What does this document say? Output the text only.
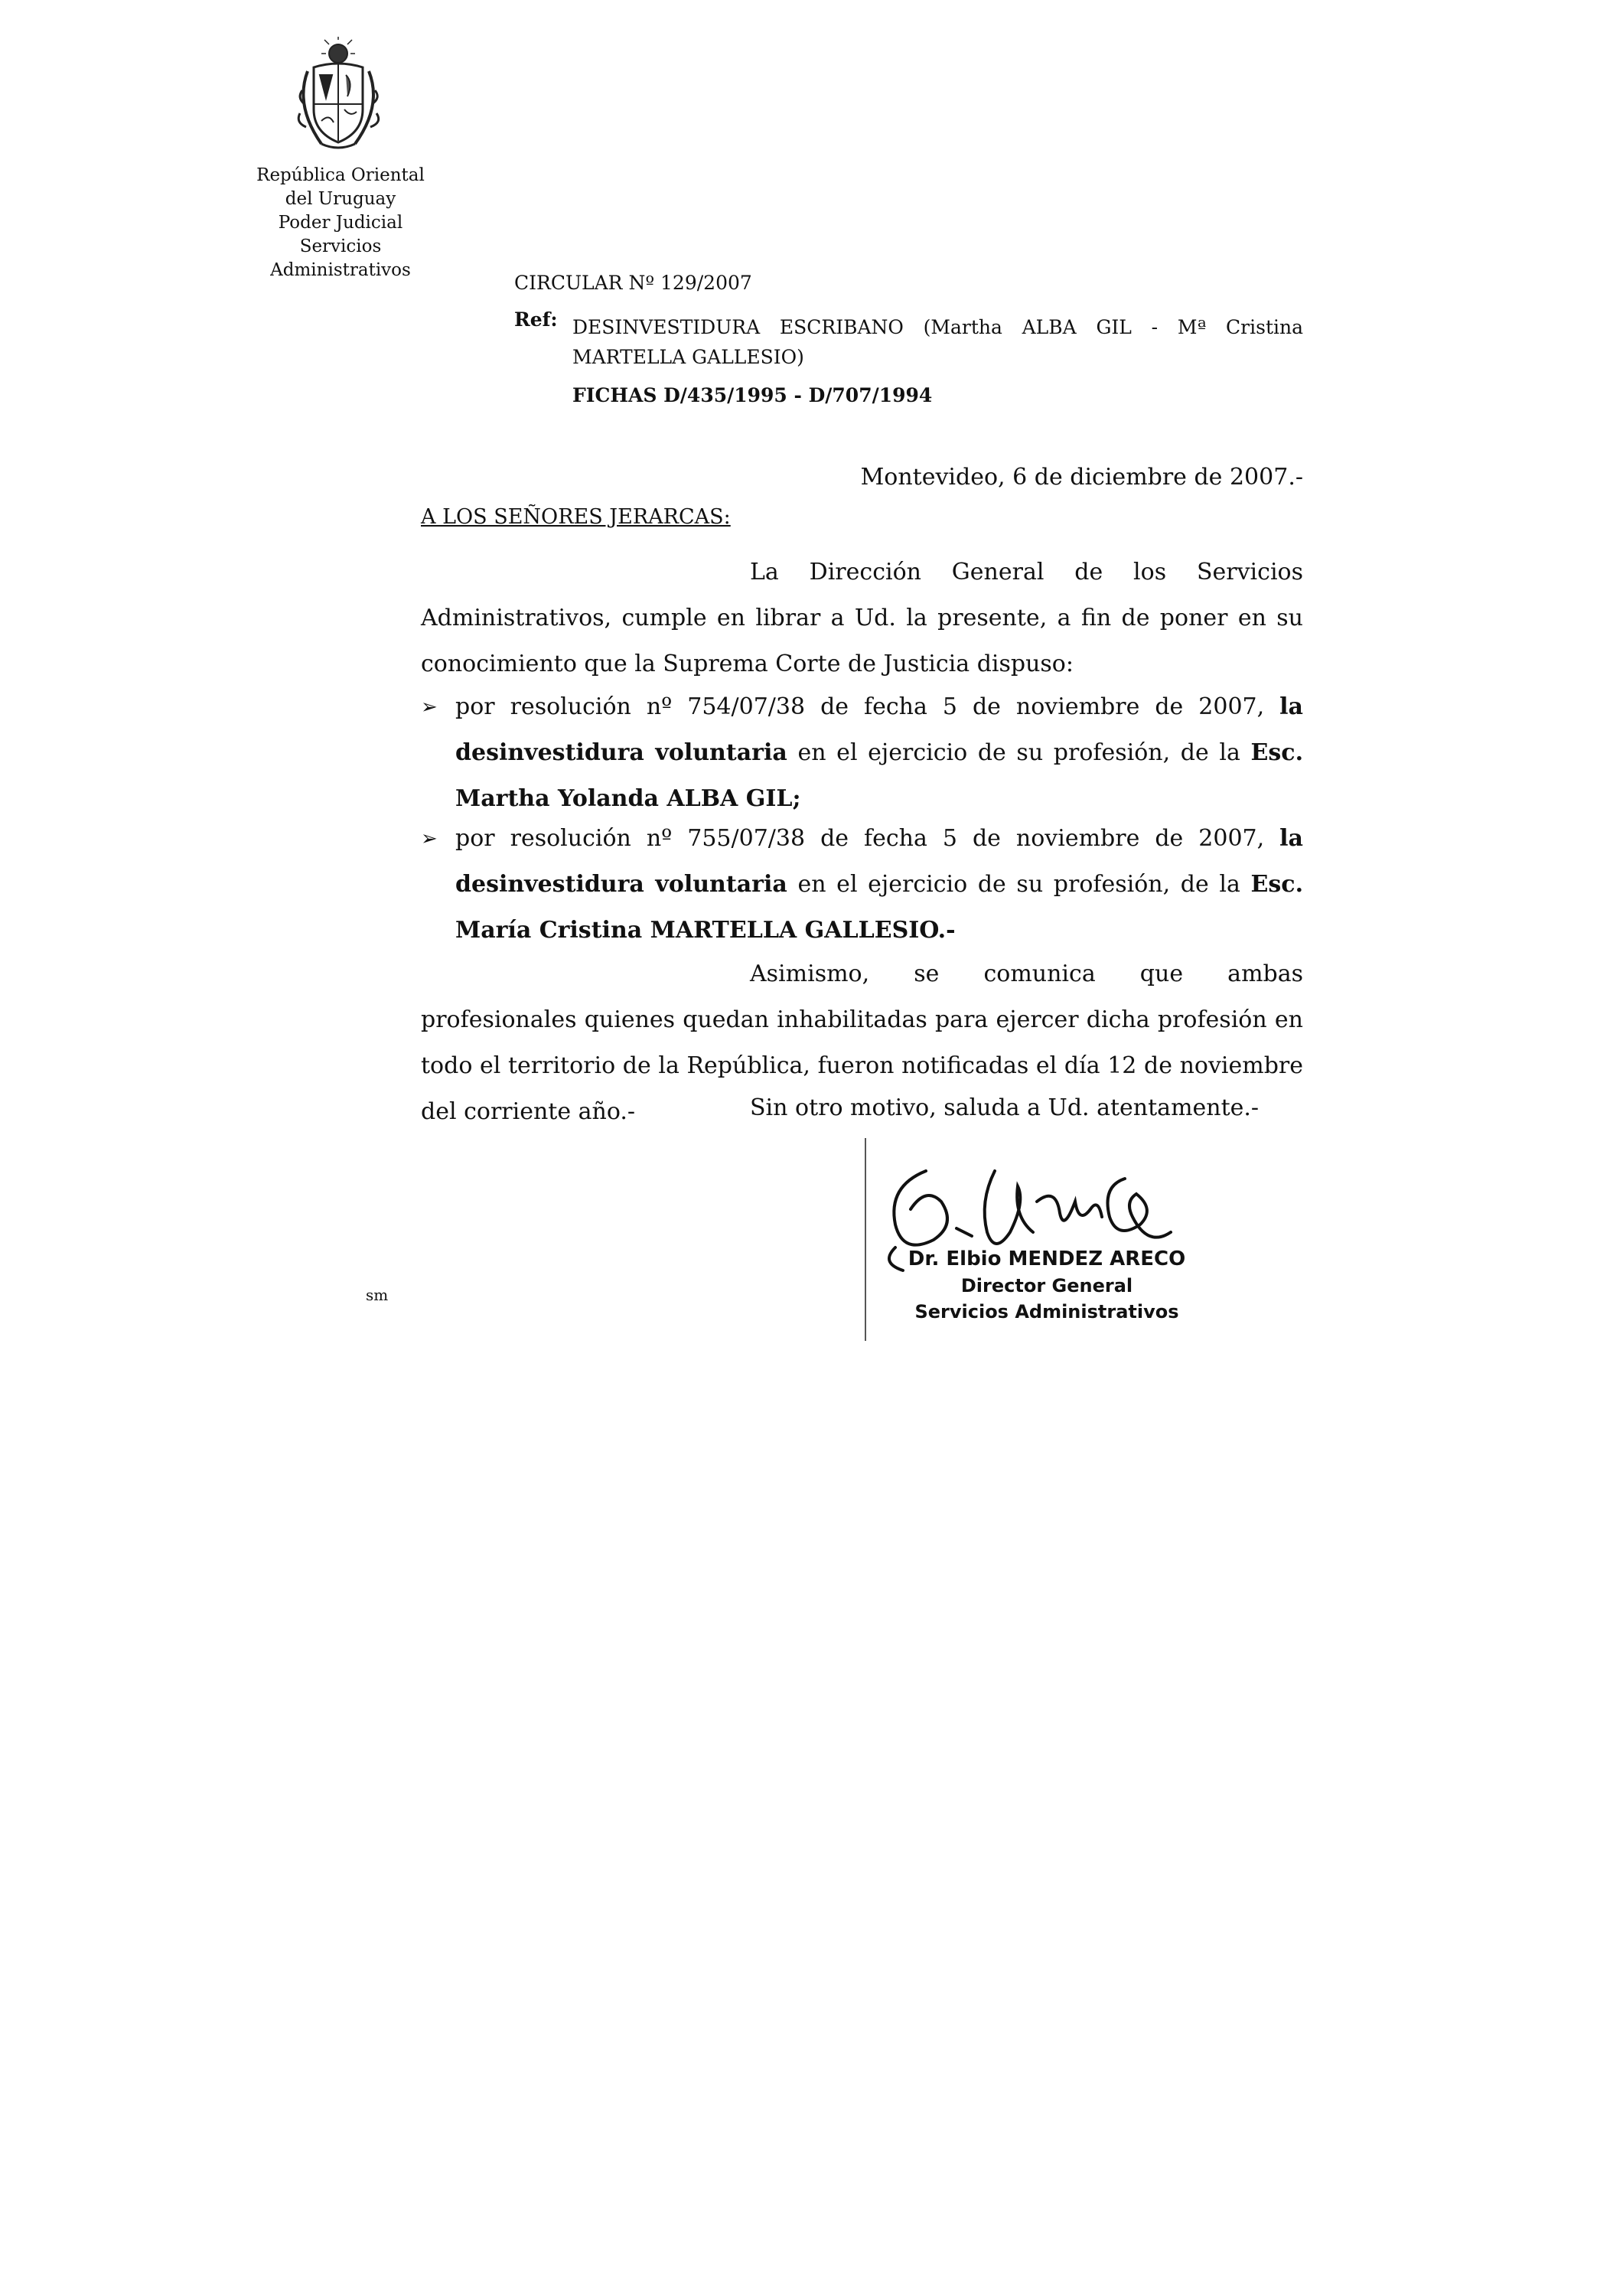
República Oriental
del Uruguay
Poder Judicial
Servicios
Administrativos
CIRCULAR Nº 129/2007
Ref: DESINVESTIDURA ESCRIBANO (Martha ALBA GIL - Mª Cristina
MARTELLA GALLESIO)
FICHAS D/435/1995 - D/707/1994
Montevideo, 6 de diciembre de 2007.-
A LOS SEÑORES JERARCAS:
La Dirección General de los Servicios Administrativos, cumple en librar a Ud. la presente, a fin de poner en su conocimiento que la Suprema Corte de Justicia dispuso:
➢ por resolución nº 754/07/38 de fecha 5 de noviembre de 2007, la desinvestidura voluntaria en el ejercicio de su profesión, de la Esc. Martha Yolanda ALBA GIL;
➢ por resolución nº 755/07/38 de fecha 5 de noviembre de 2007, la desinvestidura voluntaria en el ejercicio de su profesión, de la Esc. María Cristina MARTELLA GALLESIO.-
Asimismo, se comunica que ambas profesionales quienes quedan inhabilitadas para ejercer dicha profesión en todo el territorio de la República, fueron notificadas el día 12 de noviembre del corriente año.-	Sin otro motivo, saluda a Ud. atentamente.-
Dr. Elbio MENDEZ ARECO
Director General
Servicios Administrativos
sm
